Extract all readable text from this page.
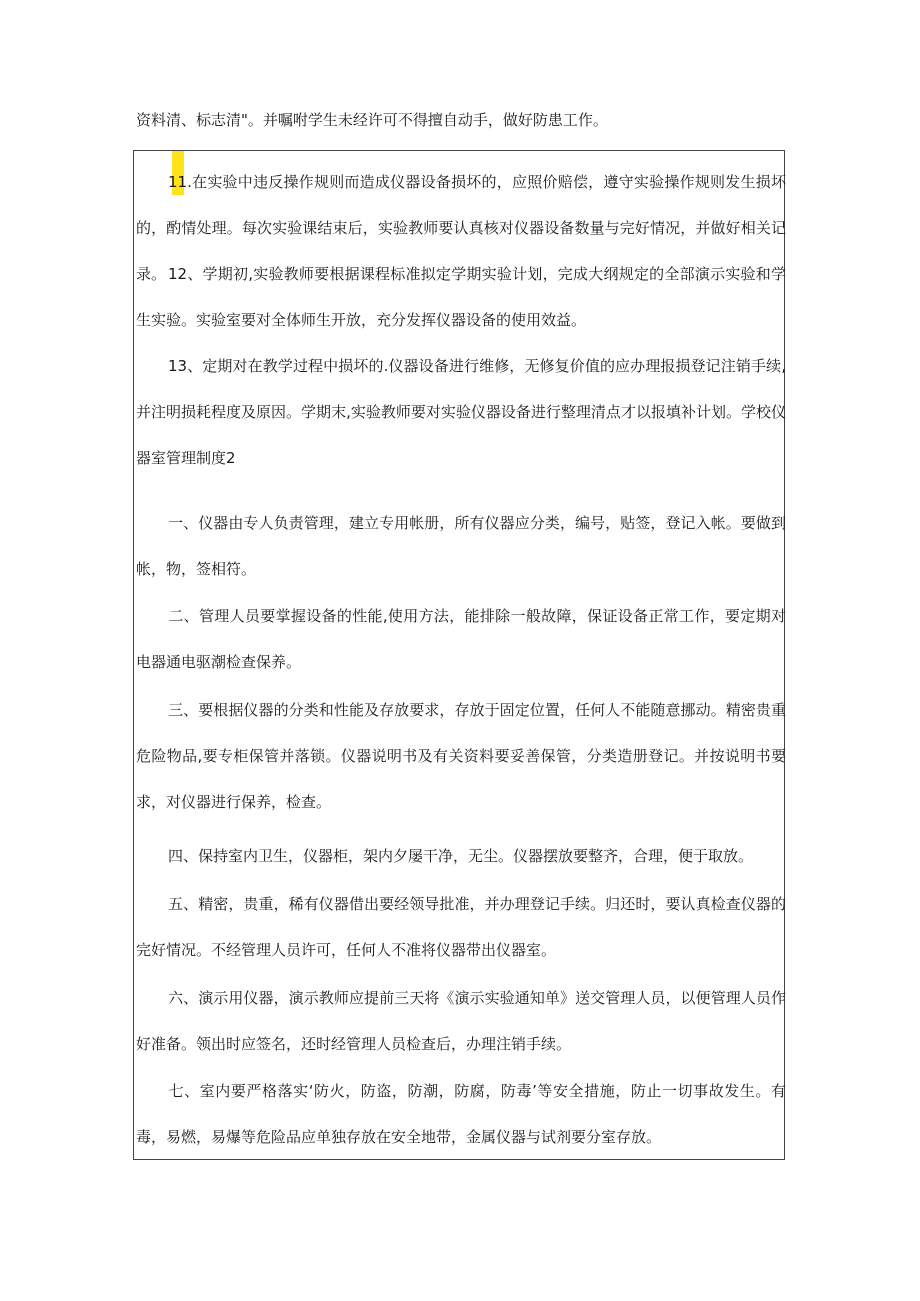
资料清、标志清"。并嘱咐学生未经许可不得擅自动手，做好防患工作。

11.在实验中违反操作规则而造成仪器设备损坏的，应照价赔偿，遵守实验操作规则发生损坏的，酌情处理。每次实验课结束后，实验教师要认真核对仪器设备数量与完好情况，并做好相关记录。 12、学期初,实验教师要根据课程标准拟定学期实验计划，完成大纲规定的全部演示实验和学生实验。实验室要对全体师生开放，充分发挥仪器设备的使用效益。

13、定期对在教学过程中损坏的.仪器设备进行维修，无修复价值的应办理报损登记注销手续,并注明损耗程度及原因。学期末,实验教师要对实验仪器设备进行整理清点才以报填补计划。学校仪器室管理制度2

一、仪器由专人负责管理，建立专用帐册，所有仪器应分类，编号，贴签，登记入帐。要做到帐，物，签相符。

二、管理人员要掌握设备的性能,使用方法，能排除一般故障，保证设备正常工作，要定期对电器通电驱潮检查保养。

三、要根据仪器的分类和性能及存放要求，存放于固定位置，任何人不能随意挪动。精密贵重危险物品,要专柜保管并落锁。仪器说明书及有关资料要妥善保管，分类造册登记。并按说明书要求，对仪器进行保养，检查。

四、保持室内卫生，仪器柜，架内夕屡干净，无尘。仪器摆放要整齐，合理，便于取放。

五、精密，贵重，稀有仪器借出要经领导批准，并办理登记手续。归还时，要认真检查仪器的完好情况。不经管理人员许可，任何人不准将仪器带出仪器室。

六、演示用仪器，演示教师应提前三天将《演示实验通知单》送交管理人员，以便管理人员作好准备。领出时应签名，还时经管理人员检查后，办理注销手续。

七、室内要严格落实‘防火，防盗，防潮，防腐，防毒’等安全措施，防止一切事故发生。有毒，易燃，易爆等危险品应单独存放在安全地带，金属仪器与试剂要分室存放。
